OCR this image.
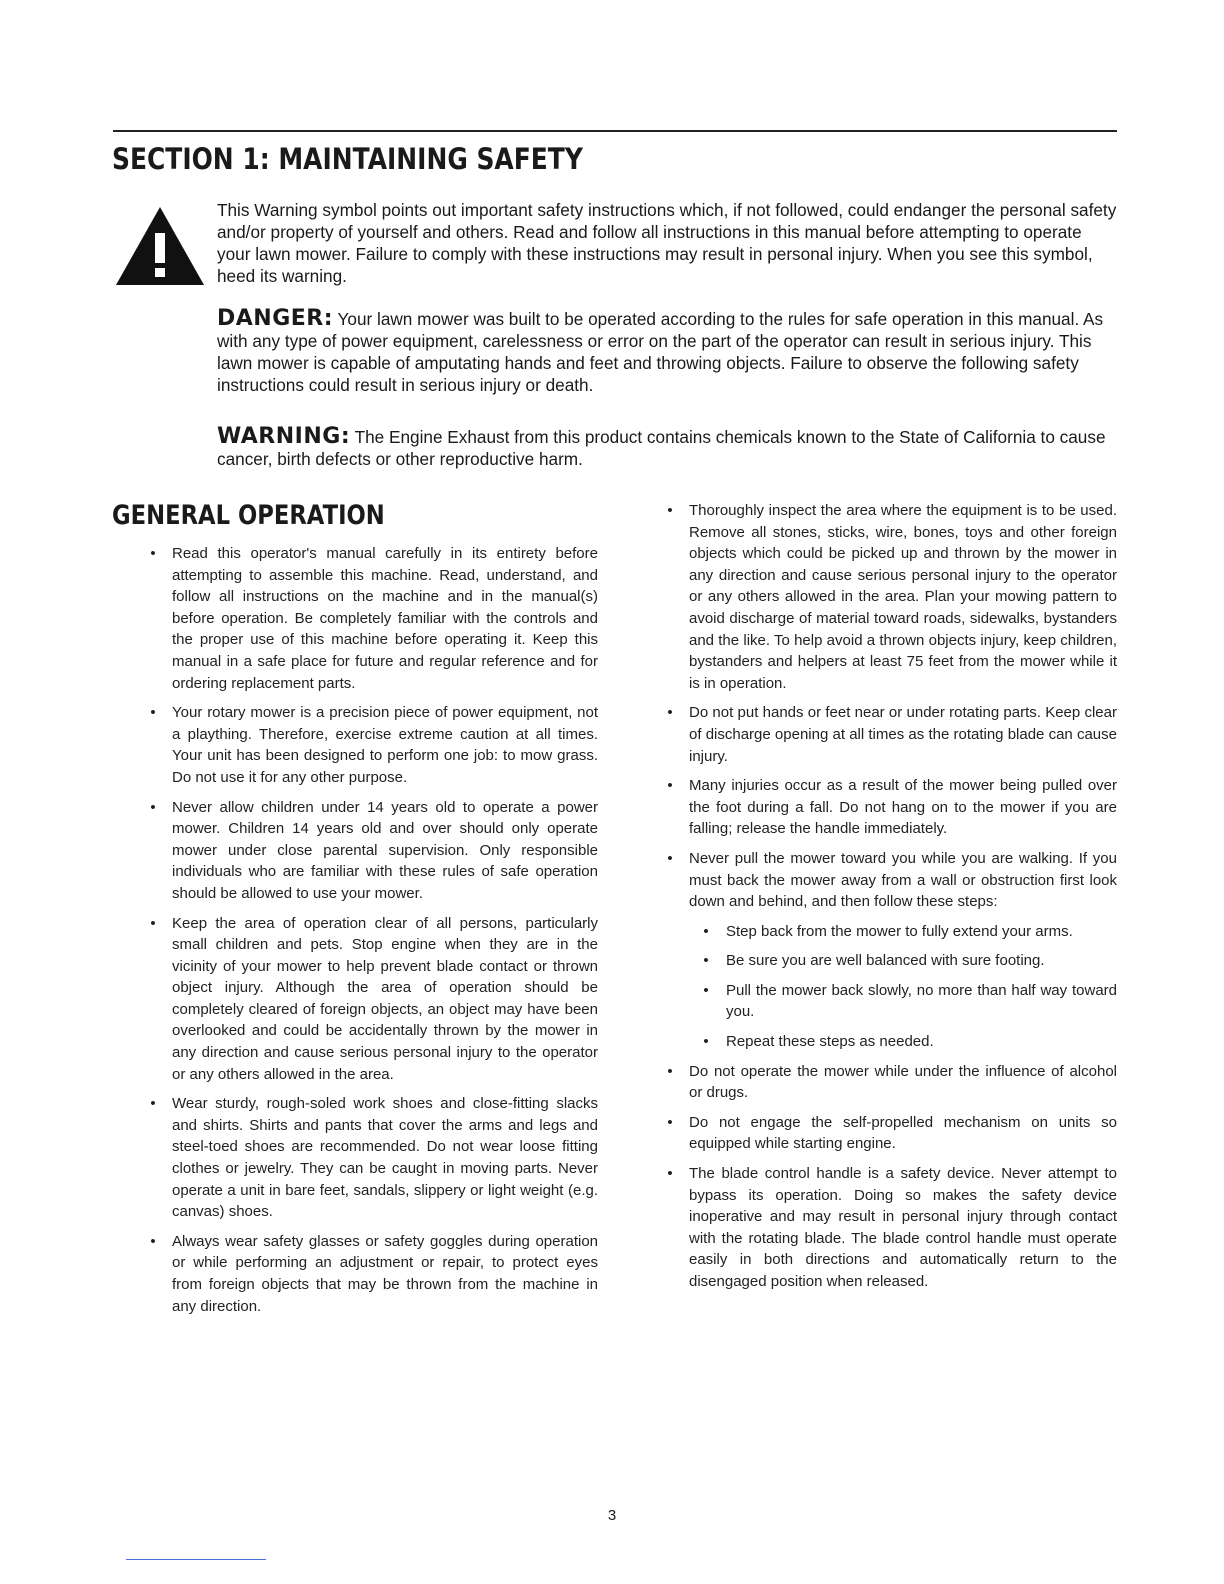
SECTION 1: MAINTAINING SAFETY

This Warning symbol points out important safety instructions which, if not followed, could endanger the personal safety and/or property of yourself and others. Read and follow all instructions in this manual before attempting to operate your lawn mower. Failure to comply with these instructions may result in personal injury. When you see this symbol, heed its warning.

DANGER: Your lawn mower was built to be operated according to the rules for safe operation in this manual. As with any type of power equipment, carelessness or error on the part of the operator can result in serious injury. This lawn mower is capable of amputating hands and feet and throwing objects. Failure to observe the following safety instructions could result in serious injury or death.

WARNING: The Engine Exhaust from this product contains chemicals known to the State of California to cause cancer, birth defects or other reproductive harm.

GENERAL OPERATION
• Read this operator's manual carefully in its entirety before attempting to assemble this machine. Read, understand, and follow all instructions on the machine and in the manual(s) before operation. Be completely familiar with the controls and the proper use of this machine before operating it. Keep this manual in a safe place for future and regular reference and for ordering replacement parts.
• Your rotary mower is a precision piece of power equipment, not a plaything. Therefore, exercise extreme caution at all times. Your unit has been designed to perform one job: to mow grass. Do not use it for any other purpose.
• Never allow children under 14 years old to operate a power mower. Children 14 years old and over should only operate mower under close parental supervision. Only responsible individuals who are familiar with these rules of safe operation should be allowed to use your mower.
• Keep the area of operation clear of all persons, particularly small children and pets. Stop engine when they are in the vicinity of your mower to help prevent blade contact or thrown object injury. Although the area of operation should be completely cleared of foreign objects, an object may have been overlooked and could be accidentally thrown by the mower in any direction and cause serious personal injury to the operator or any others allowed in the area.
• Wear sturdy, rough-soled work shoes and close-fitting slacks and shirts. Shirts and pants that cover the arms and legs and steel-toed shoes are recommended. Do not wear loose fitting clothes or jewelry. They can be caught in moving parts. Never operate a unit in bare feet, sandals, slippery or light weight (e.g. canvas) shoes.
• Always wear safety glasses or safety goggles during operation or while performing an adjustment or repair, to protect eyes from foreign objects that may be thrown from the machine in any direction.
• Thoroughly inspect the area where the equipment is to be used. Remove all stones, sticks, wire, bones, toys and other foreign objects which could be picked up and thrown by the mower in any direction and cause serious personal injury to the operator or any others allowed in the area. Plan your mowing pattern to avoid discharge of material toward roads, sidewalks, bystanders and the like. To help avoid a thrown objects injury, keep children, bystanders and helpers at least 75 feet from the mower while it is in operation.
• Do not put hands or feet near or under rotating parts. Keep clear of discharge opening at all times as the rotating blade can cause injury.
• Many injuries occur as a result of the mower being pulled over the foot during a fall. Do not hang on to the mower if you are falling; release the handle immediately.
• Never pull the mower toward you while you are walking. If you must back the mower away from a wall or obstruction first look down and behind, and then follow these steps:
• Step back from the mower to fully extend your arms.
• Be sure you are well balanced with sure footing.
• Pull the mower back slowly, no more than half way toward you.
• Repeat these steps as needed.
• Do not operate the mower while under the influence of alcohol or drugs.
• Do not engage the self-propelled mechanism on units so equipped while starting engine.
• The blade control handle is a safety device. Never attempt to bypass its operation. Doing so makes the safety device inoperative and may result in personal injury through contact with the rotating blade. The blade control handle must operate easily in both directions and automatically return to the disengaged position when released.
3
